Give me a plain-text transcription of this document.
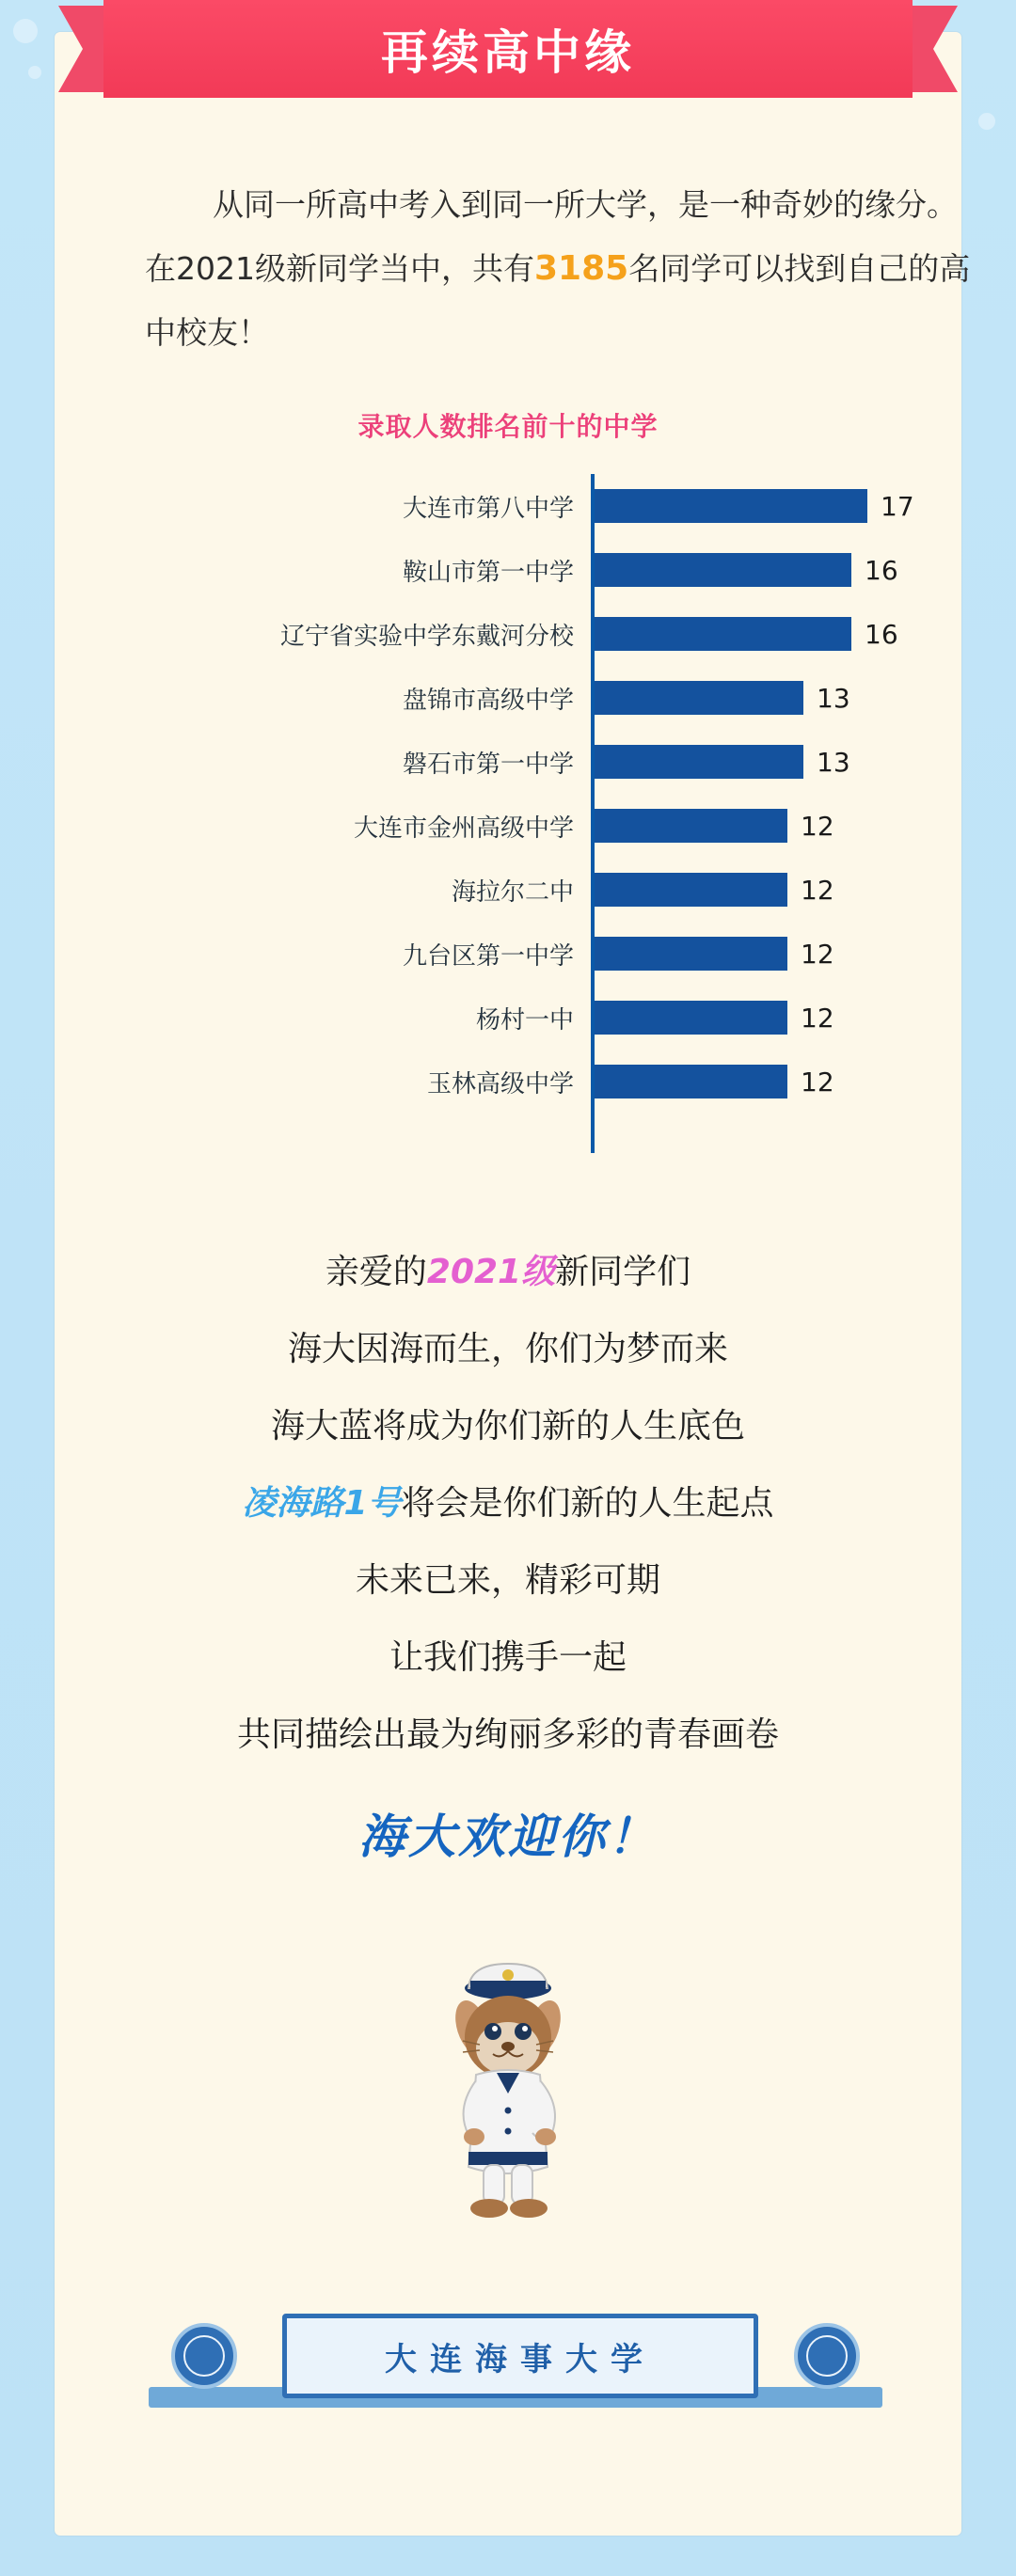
再续高中缘
从同一所高中考入到同一所大学，是一种奇妙的缘分。在2021级新同学当中，共有3185名同学可以找到自己的高中校友！
录取人数排名前十的中学
大连市第八中学	17
鞍山市第一中学	16
辽宁省实验中学东戴河分校	16
盘锦市高级中学	13
磐石市第一中学	13
大连市金州高级中学	12
海拉尔二中	12
九台区第一中学	12
杨村一中	12
玉林高级中学	12
亲爱的2021级新同学们
海大因海而生，你们为梦而来
海大蓝将成为你们新的人生底色
凌海路1号将会是你们新的人生起点
未来已来，精彩可期
让我们携手一起
共同描绘出最为绚丽多彩的青春画卷
海大欢迎你！
大连海事大学
